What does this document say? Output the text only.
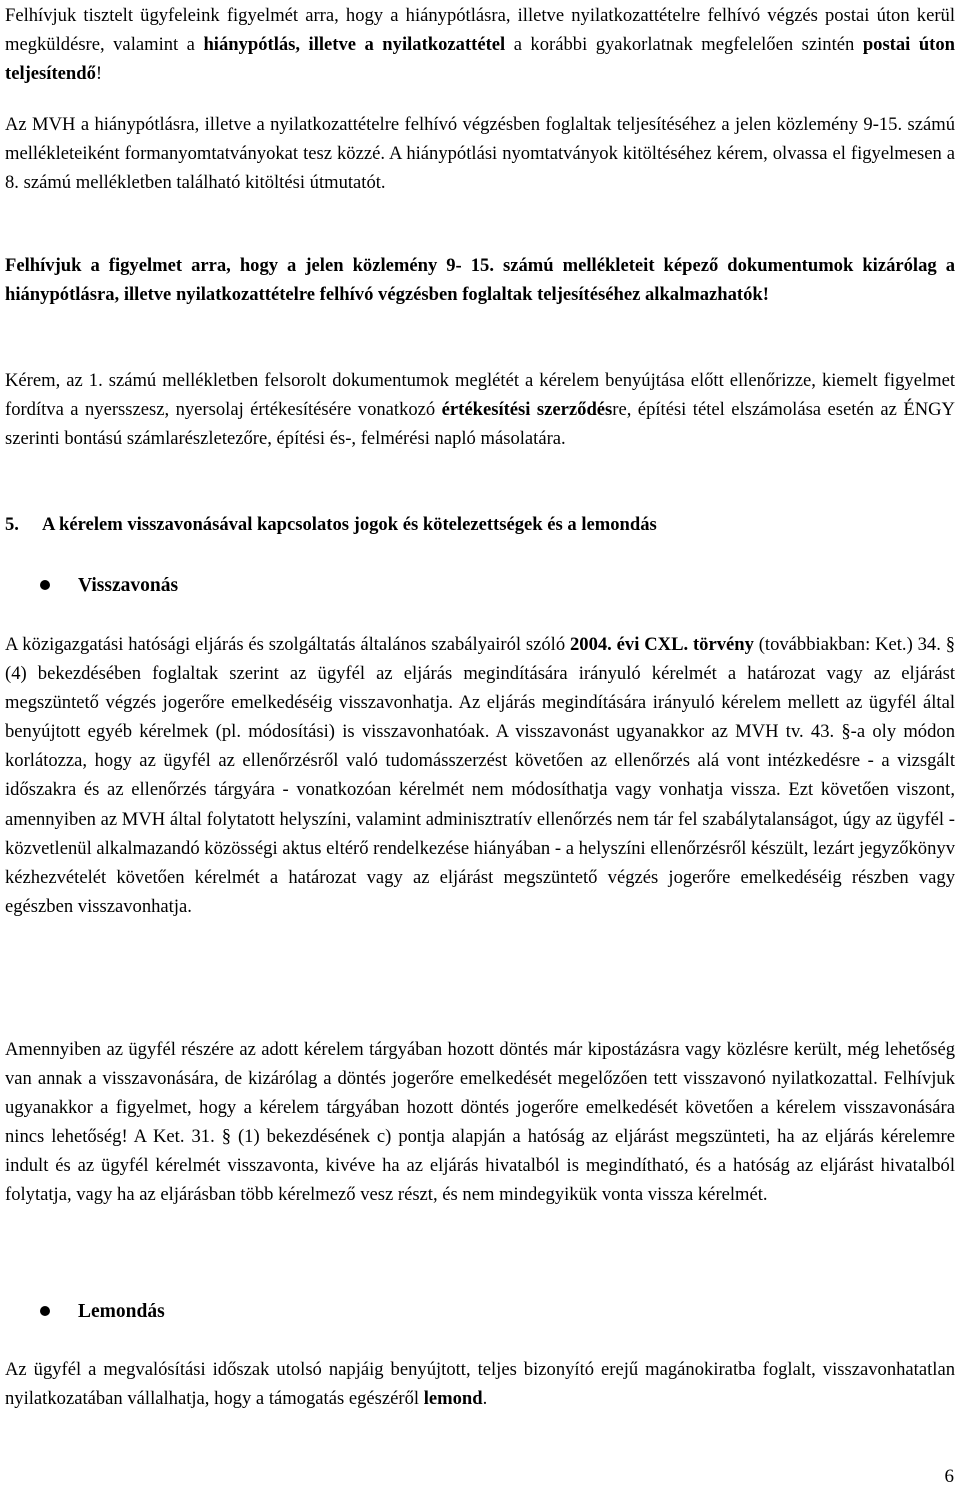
Felhívjuk tisztelt ügyfeleink figyelmét arra, hogy a hiánypótlásra, illetve nyilatkozattételre felhívó végzés postai úton kerül megküldésre, valamint a hiánypótlás, illetve a nyilatkozattétel a korábbi gyakorlatnak megfelelően szintén postai úton teljesítendő!

Az MVH a hiánypótlásra, illetve a nyilatkozattételre felhívó végzésben foglaltak teljesítéséhez a jelen közlemény 9-15. számú mellékleteiként formanyomtatványokat tesz közzé. A hiánypótlási nyomtatványok kitöltéséhez kérem, olvassa el figyelmesen a 8. számú mellékletben található kitöltési útmutatót.

Felhívjuk a figyelmet arra, hogy a jelen közlemény 9- 15. számú mellékleteit képező dokumentumok kizárólag a hiánypótlásra, illetve nyilatkozattételre felhívó végzésben foglaltak teljesítéséhez alkalmazhatók!

Kérem, az 1. számú mellékletben felsorolt dokumentumok meglétét a kérelem benyújtása előtt ellenőrizze, kiemelt figyelmet fordítva a nyersszesz, nyersolaj értékesítésére vonatkozó értékesítési szerződésre, építési tétel elszámolása esetén az ÉNGY szerinti bontású számlarészletezőre, építési és-, felmérési napló másolatára.

5. A kérelem visszavonásával kapcsolatos jogok és kötelezettségek és a lemondás
Visszavonás

A közigazgatási hatósági eljárás és szolgáltatás általános szabályairól szóló 2004. évi CXL. törvény (továbbiakban: Ket.) 34. § (4) bekezdésében foglaltak szerint az ügyfél az eljárás megindítására irányuló kérelmét a határozat vagy az eljárást megszüntető végzés jogerőre emelkedéséig visszavonhatja. Az eljárás megindítására irányuló kérelem mellett az ügyfél által benyújtott egyéb kérelmek (pl. módosítási) is visszavonhatóak. A visszavonást ugyanakkor az MVH tv. 43. §-a oly módon korlátozza, hogy az ügyfél az ellenőrzésről való tudomásszerzést követően az ellenőrzés alá vont intézkedésre - a vizsgált időszakra és az ellenőrzés tárgyára - vonatkozóan kérelmét nem módosíthatja vagy vonhatja vissza. Ezt követően viszont, amennyiben az MVH által folytatott helyszíni, valamint adminisztratív ellenőrzés nem tár fel szabálytalanságot, úgy az ügyfél - közvetlenül alkalmazandó közösségi aktus eltérő rendelkezése hiányában - a helyszíni ellenőrzésről készült, lezárt jegyzőkönyv kézhezvételét követően kérelmét a határozat vagy az eljárást megszüntető végzés jogerőre emelkedéséig részben vagy egészben visszavonhatja.

Amennyiben az ügyfél részére az adott kérelem tárgyában hozott döntés már kipostázásra vagy közlésre került, még lehetőség van annak a visszavonására, de kizárólag a döntés jogerőre emelkedését megelőzően tett visszavonó nyilatkozattal. Felhívjuk ugyanakkor a figyelmet, hogy a kérelem tárgyában hozott döntés jogerőre emelkedését követően a kérelem visszavonására nincs lehetőség! A Ket. 31. § (1) bekezdésének c) pontja alapján a hatóság az eljárást megszünteti, ha az eljárás kérelemre indult és az ügyfél kérelmét visszavonta, kivéve ha az eljárás hivatalból is megindítható, és a hatóság az eljárást hivatalból folytatja, vagy ha az eljárásban több kérelmező vesz részt, és nem mindegyikük vonta vissza kérelmét.

Lemondás

Az ügyfél a megvalósítási időszak utolsó napjáig benyújtott, teljes bizonyító erejű magánokiratba foglalt, visszavonhatatlan nyilatkozatában vállalhatja, hogy a támogatás egészéről lemond.

6
